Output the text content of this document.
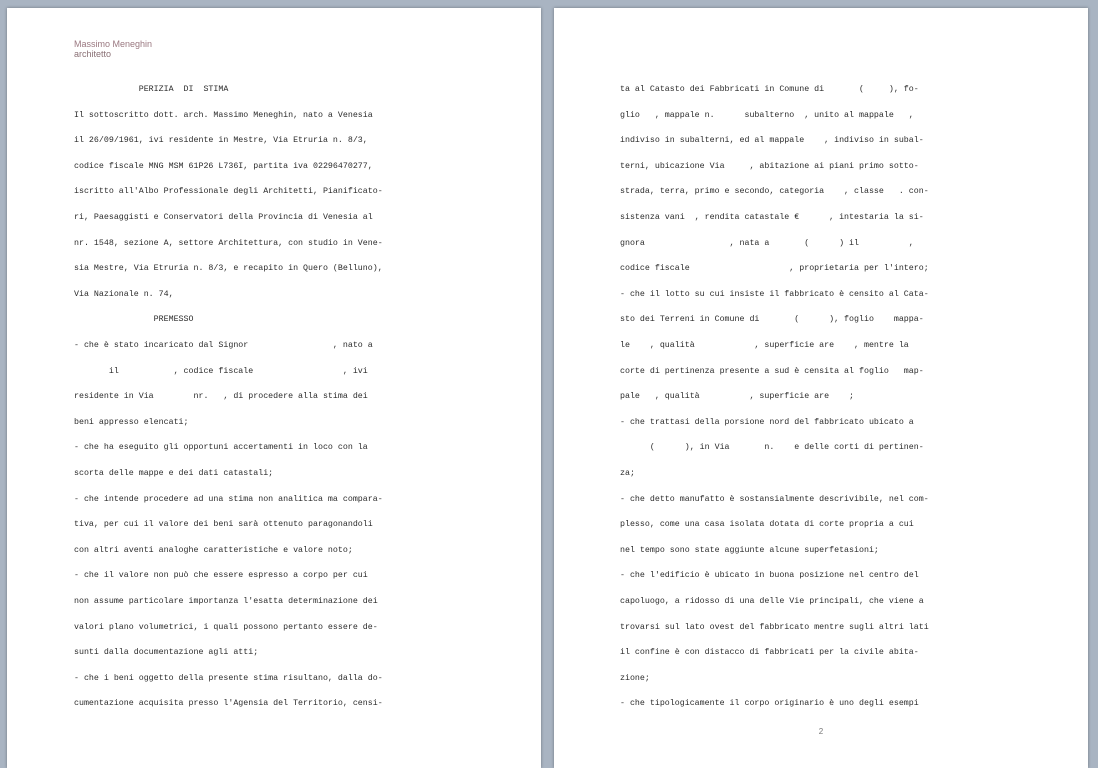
Massimo Meneghin
architetto
PERIZIA  DI  STIMA
Il sottoscritto dott. arch. Massimo Meneghin, nato a Venesia
il 26/09/1961, ivi residente in Mestre, Via Etruria n. 8/3,
codice fiscale MNG MSM 61P26 L736I, partita iva 02296470277,
iscritto all'Albo Professionale degli Architetti, Pianificato-
ri, Paesaggisti e Conservatori della Provincia di Venesia al
nr. 1548, sezione A, settore Architettura, con studio in Vene-
sia Mestre, Via Etruria n. 8/3, e recapito in Quero (Belluno),
Via Nazionale n. 74,
PREMESSO
- che è stato incaricato dal Signor                 , nato a
il           , codice fiscale                  , ivi
residente in Via        nr.   , di procedere alla stima dei
beni appresso elencati;
- che ha eseguito gli opportuni accertamenti in loco con la
scorta delle mappe e dei dati catastali;
- che intende procedere ad una stima non analitica ma compara-
tiva, per cui il valore dei beni sarà ottenuto paragonandoli
con altri aventi analoghe caratteristiche e valore noto;
- che il valore non può che essere espresso a corpo per cui
non assume particolare importanza l'esatta determinazione dei
valori plano volumetrici, i quali possono pertanto essere de-
sunti dalla documentazione agli atti;
- che i beni oggetto della presente stima risultano, dalla do-
cumentazione acquisita presso l'Agensia del Territorio, censi-
ta al Catasto dei Fabbricati in Comune di       (     ), fo-
glio   , mappale n.      subalterno  , unito al mappale   ,
indiviso in subalterni, ed al mappale    , indiviso in subal-
terni, ubicazione Via     , abitazione ai piani primo sotto-
strada, terra, primo e secondo, categoria    , classe   . con-
sistenza vani  , rendita catastale €      , intestaria la si-
gnora                 , nata a       (      ) il          ,
codice fiscale                    , proprietaria per l'intero;
- che il lotto su cui insiste il fabbricato è censito al Cata-
sto dei Terreni in Comune di       (      ), foglio    mappa-
le    , qualità            , superficie are    , mentre la
corte di pertinenza presente a sud è censita al foglio   map-
pale   , qualità          , superficie are    ;
- che trattasi della porsione nord del fabbricato ubicato a
(      ), in Via       n.    e delle corti di pertinen-
za;
- che detto manufatto è sostansialmente descrivibile, nel com-
plesso, come una casa isolata dotata di corte propria a cui
nel tempo sono state aggiunte alcune superfetasioni;
- che l'edificio è ubicato in buona posizione nel centro del
capoluogo, a ridosso di una delle Vie principali, che viene a
trovarsi sul lato ovest del fabbricato mentre sugli altri lati
il confine è con distacco di fabbricati per la civile abita-
zione;
- che tipologicamente il corpo originario è uno degli esempi
2
